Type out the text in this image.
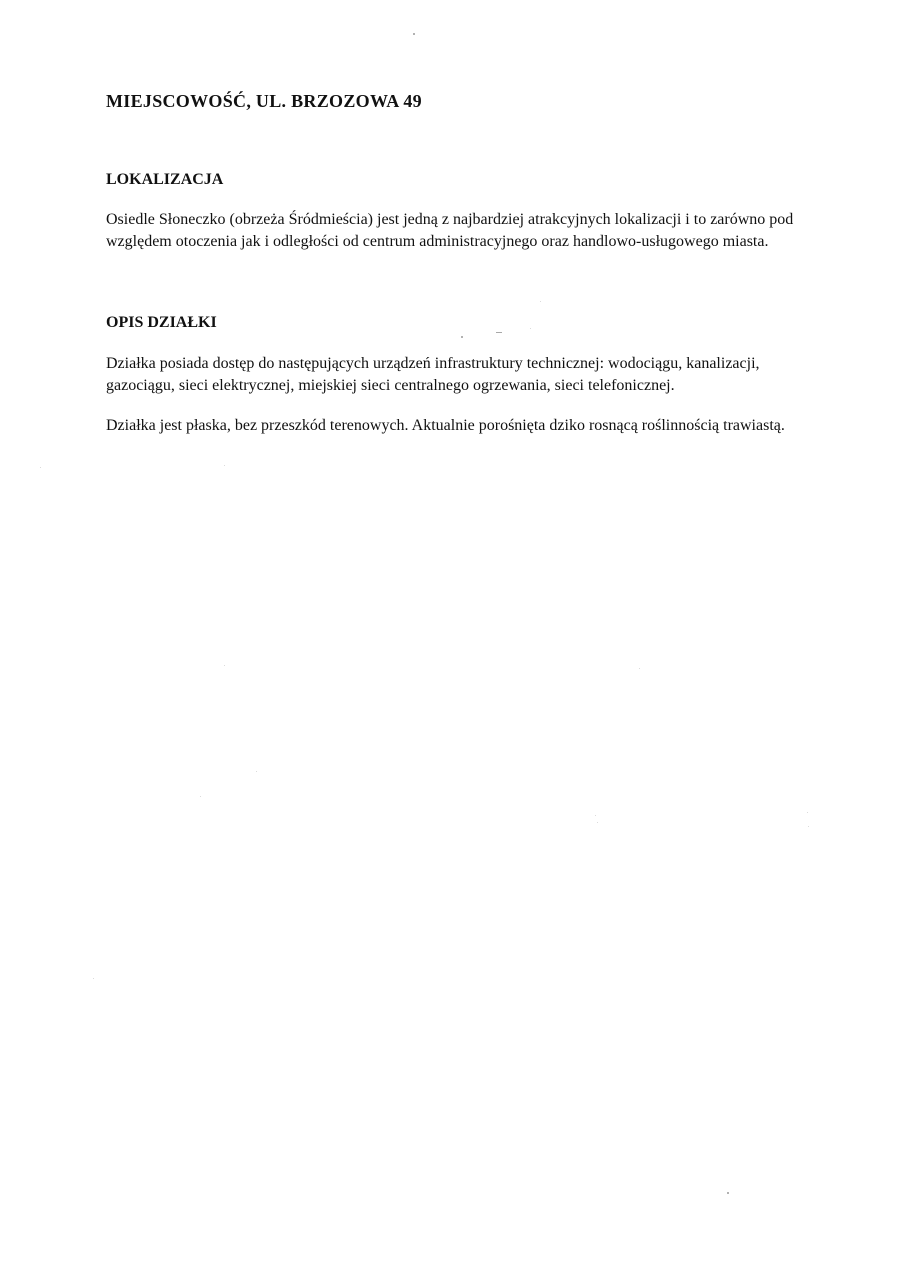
MIEJSCOWOŚĆ, UL. BRZOZOWA 49
LOKALIZACJA

Osiedle Słoneczko (obrzeża Śródmieścia) jest jedną z najbardziej atrakcyjnych lokalizacji i to zarówno pod względem otoczenia jak i odległości od centrum administracyjnego oraz handlowo-usługowego miasta.

OPIS DZIAŁKI

Działka posiada dostęp do następujących urządzeń infrastruktury technicznej: wodociągu, kanalizacji, gazociągu, sieci elektrycznej, miejskiej sieci centralnego ogrzewania, sieci telefonicznej.

Działka jest płaska, bez przeszkód terenowych. Aktualnie porośnięta dziko rosnącą roślinnością trawiastą.
